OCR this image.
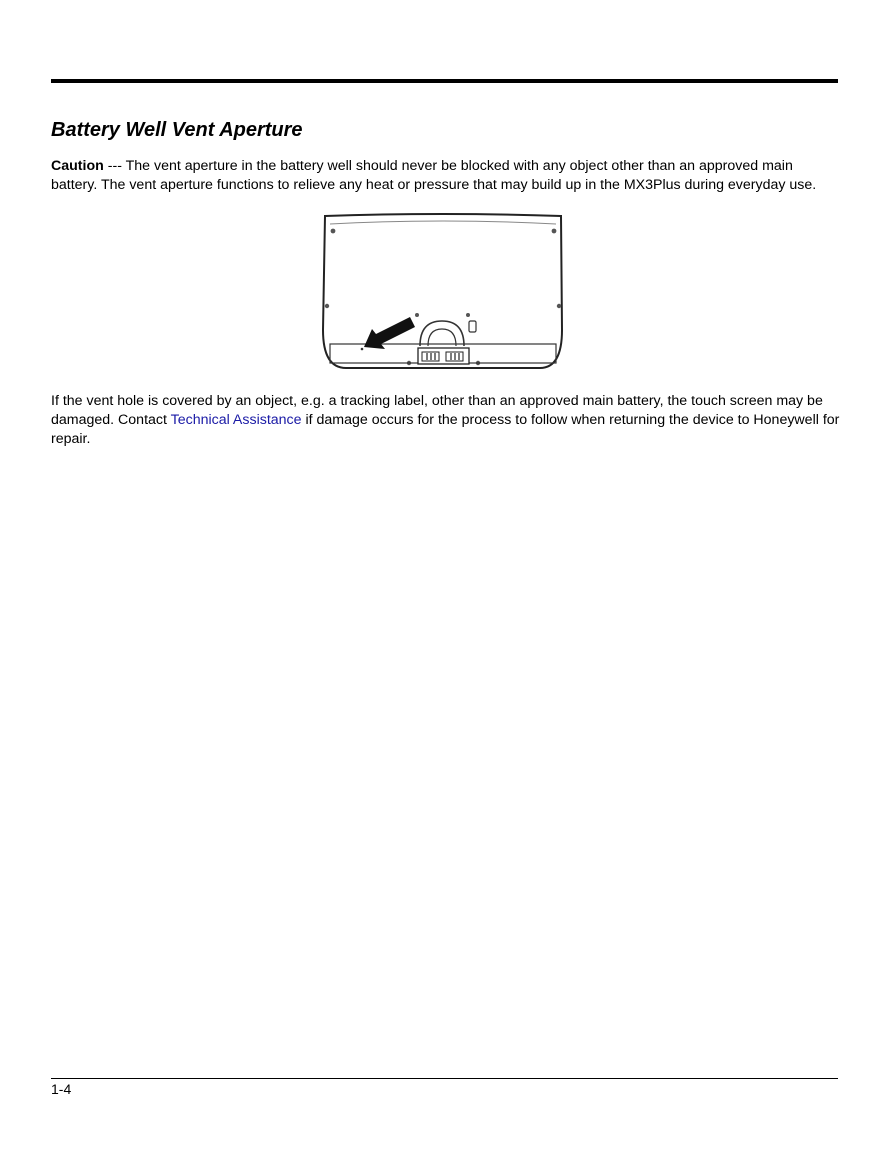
Battery Well Vent Aperture

Caution --- The vent aperture in the battery well should never be blocked with any object other than an approved main battery. The vent aperture functions to relieve any heat or pressure that may build up in the MX3Plus during everyday use.

If the vent hole is covered by an object, e.g. a tracking label, other than an approved main battery, the touch screen may be damaged. Contact Technical Assistance if damage occurs for the process to follow when returning the device to Honeywell for repair.

1-4
